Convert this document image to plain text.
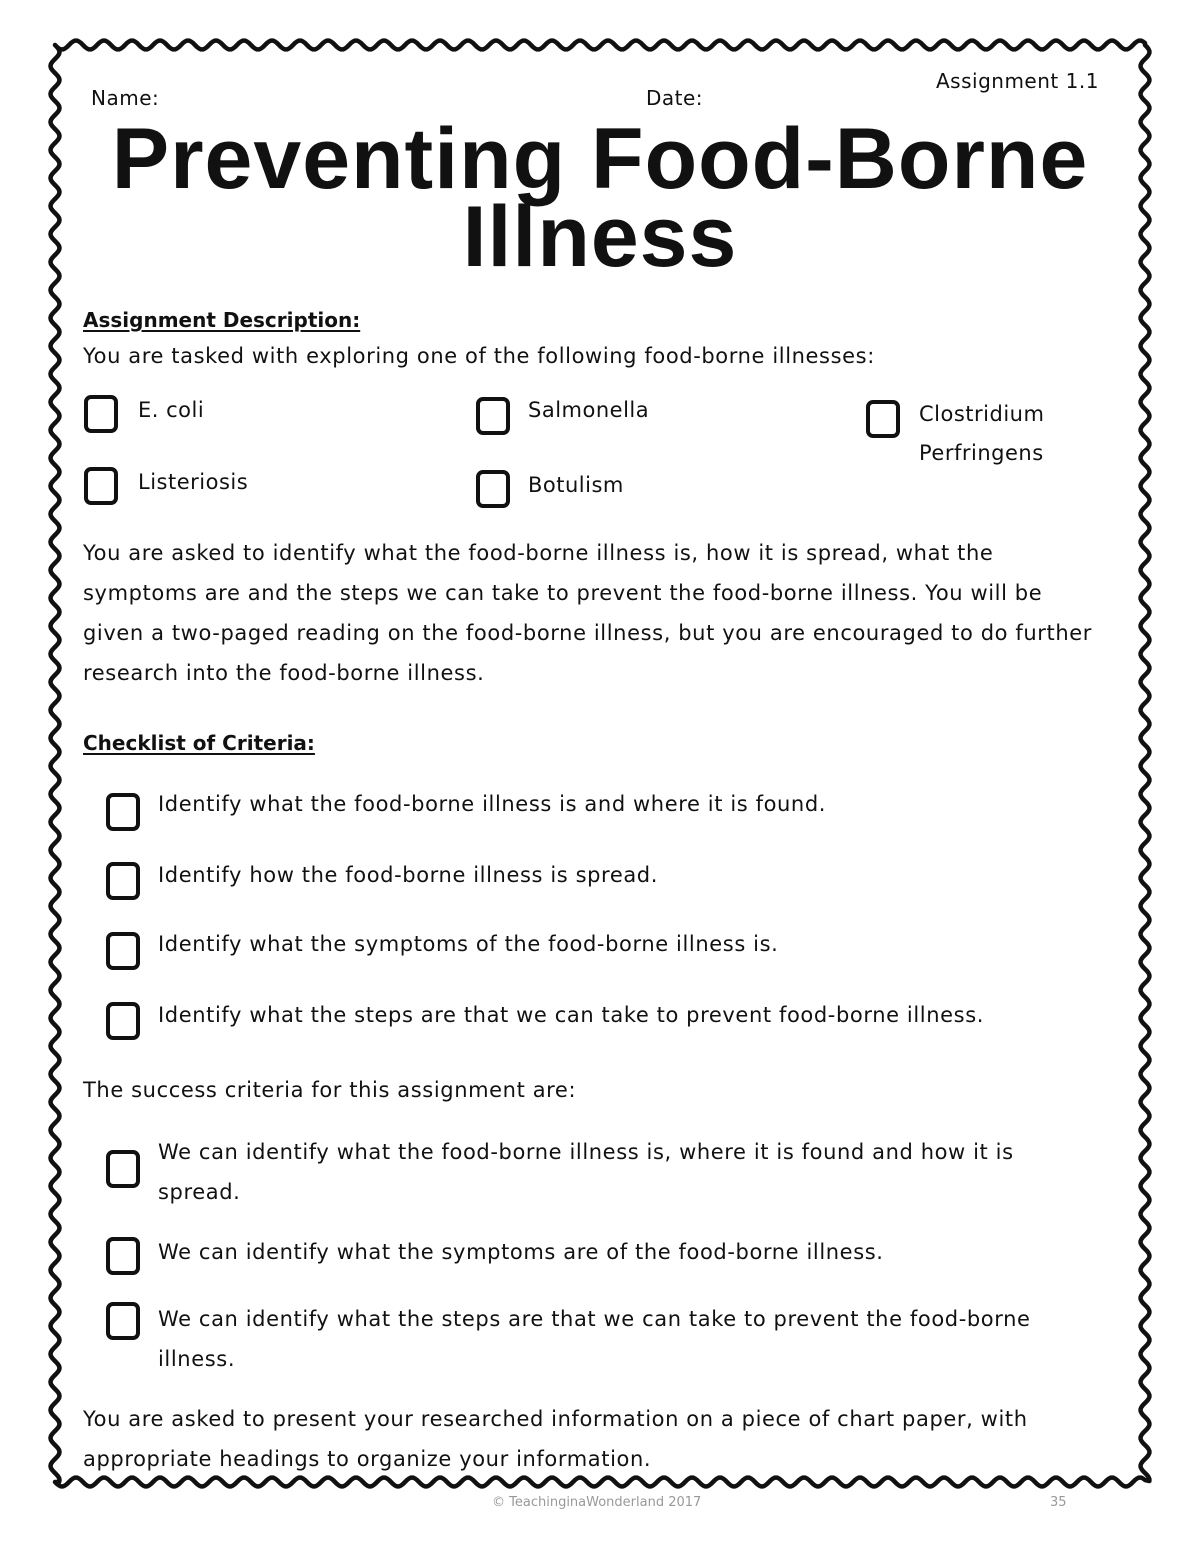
Name:	Date:
Assignment 1.1
Preventing Food-Borne
Illness
Assignment Description:
You are tasked with exploring one of the following food-borne illnesses:
E. coli	Salmonella	Clostridium Perfringens
Listeriosis	Botulism
You are asked to identify what the food-borne illness is, how it is spread, what the symptoms are and the steps we can take to prevent the food-borne illness. You will be given a two-paged reading on the food-borne illness, but you are encouraged to do further research into the food-borne illness.
Checklist of Criteria:
Identify what the food-borne illness is and where it is found.
Identify how the food-borne illness is spread.
Identify what the symptoms of the food-borne illness is.
Identify what the steps are that we can take to prevent food-borne illness.
The success criteria for this assignment are:
We can identify what the food-borne illness is, where it is found and how it is spread.
We can identify what the symptoms are of the food-borne illness.
We can identify what the steps are that we can take to prevent the food-borne illness.
You are asked to present your researched information on a piece of chart paper, with appropriate headings to organize your information.
© TeachinginaWonderland 2017	35
